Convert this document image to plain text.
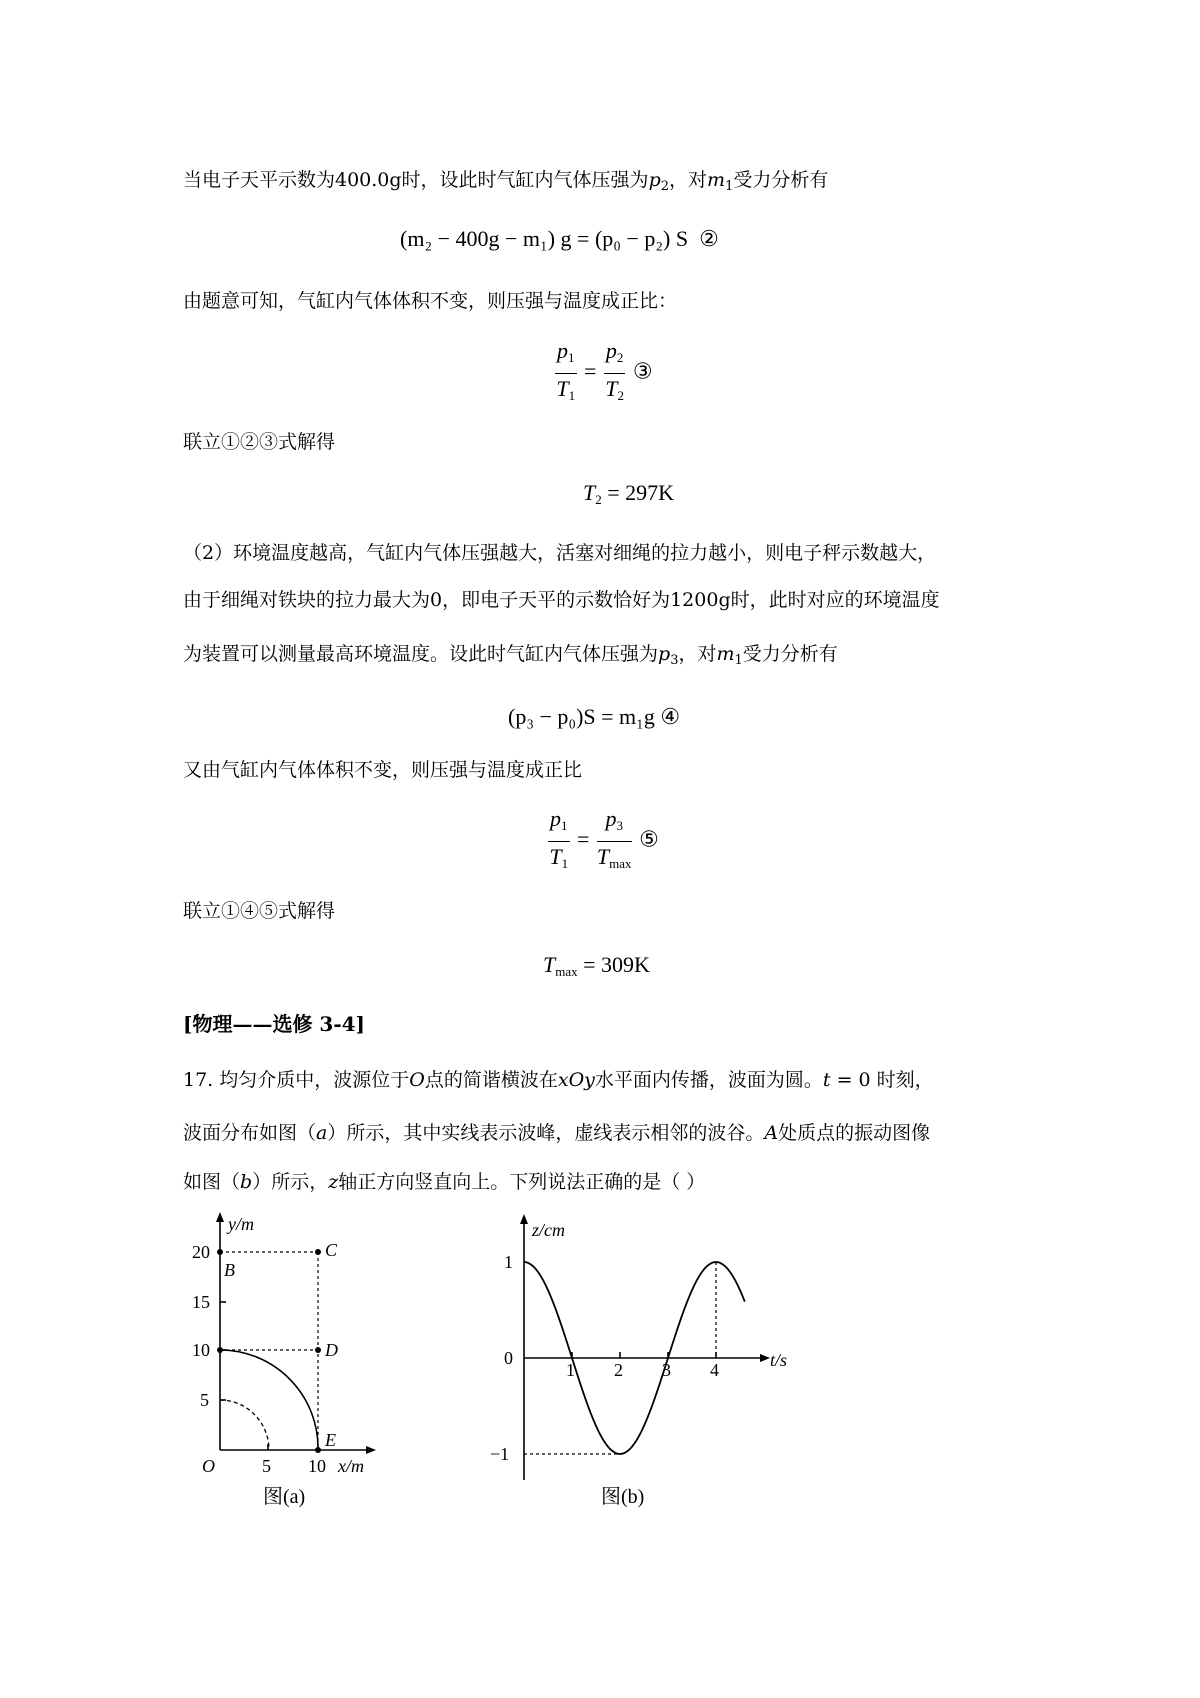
当电子天平示数为400.0g时，设此时气缸内气体压强为$p_2$，对$m_1$受力分析有
(m₂ − 400g − m₁) g = (p₀ − p₂) S ②
由题意可知，气缸内气体体积不变，则压强与温度成正比：
$\frac{p_1}{T_1} = \frac{p_2}{T_2}$ ③
联立①②③式解得
$T_2 = 297K$
（2）环境温度越高，气缸内气体压强越大，活塞对细绳的拉力越小，则电子秤示数越大，
由于细绳对铁块的拉力最大为0，即电子天平的示数恰好为1200g时，此时对应的环境温度
为装置可以测量最高环境温度。设此时气缸内气体压强为$p_3$，对$m_1$受力分析有
(p₃ − p₀)S = m₁g ④
又由气缸内气体体积不变，则压强与温度成正比
$\frac{p_1}{T_1} = \frac{p_3}{T_{max}}$ ⑤
联立①④⑤式解得
$T_{max} = 309K$
[物理——选修 3-4]
17. 均匀介质中，波源位于O点的简谐横波在xOy水平面内传播，波面为圆。t = 0 时刻，
波面分布如图（a）所示，其中实线表示波峰，虚线表示相邻的波谷。A处质点的振动图像
如图（b）所示，z轴正方向竖直向上。下列说法正确的是（ ）
y/m
20
15
10
5
O	5 10 x/m
B
C
D
E
图(a)
z/cm
1
0
−1
1 2 3 4	t/s
图(b)
